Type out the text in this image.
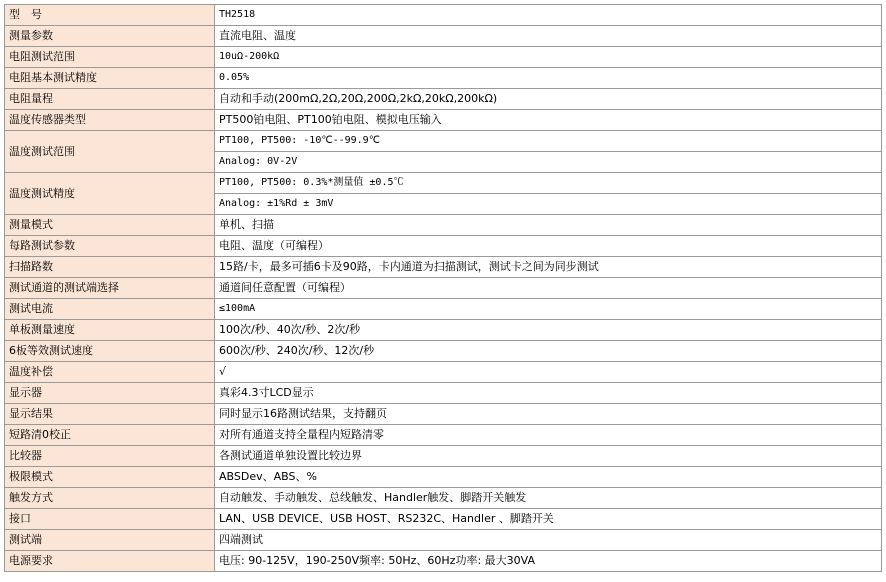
型　号	TH2518
测量参数	直流电阻、温度
电阻测试范围	10uΩ-200kΩ
电阻基本测试精度	0.05%
电阻量程	自动和手动(200mΩ,2Ω,20Ω,200Ω,2kΩ,20kΩ,200kΩ)
温度传感器类型	PT500铂电阻、PT100铂电阻、模拟电压输入
温度测试范围	PT100, PT500: -10℃--99.9℃
	Analog: 0V-2V
温度测试精度	PT100, PT500: 0.3%*测量值 ±0.5℃
	Analog: ±1%Rd ± 3mV
测量模式	单机、扫描
每路测试参数	电阻、温度（可编程）
扫描路数	15路/卡，最多可插6卡及90路，卡内通道为扫描测试，测试卡之间为同步测试
测试通道的测试端选择	通道间任意配置（可编程）
测试电流	≤100mA
单板测量速度	100次/秒、40次/秒、2次/秒
6板等效测试速度	600次/秒、240次/秒、12次/秒
温度补偿	√
显示器	真彩4.3寸LCD显示
显示结果	同时显示16路测试结果，支持翻页
短路清0校正	对所有通道支持全量程内短路清零
比较器	各测试通道单独设置比较边界
极限模式	ABSDev、ABS、%
触发方式	自动触发、手动触发、总线触发、Handler触发、脚踏开关触发
接口	LAN、USB DEVICE、USB HOST、RS232C、Handler 、脚踏开关
测试端	四端测试
电源要求	电压: 90-125V，190-250V频率: 50Hz、60Hz功率: 最大30VA
